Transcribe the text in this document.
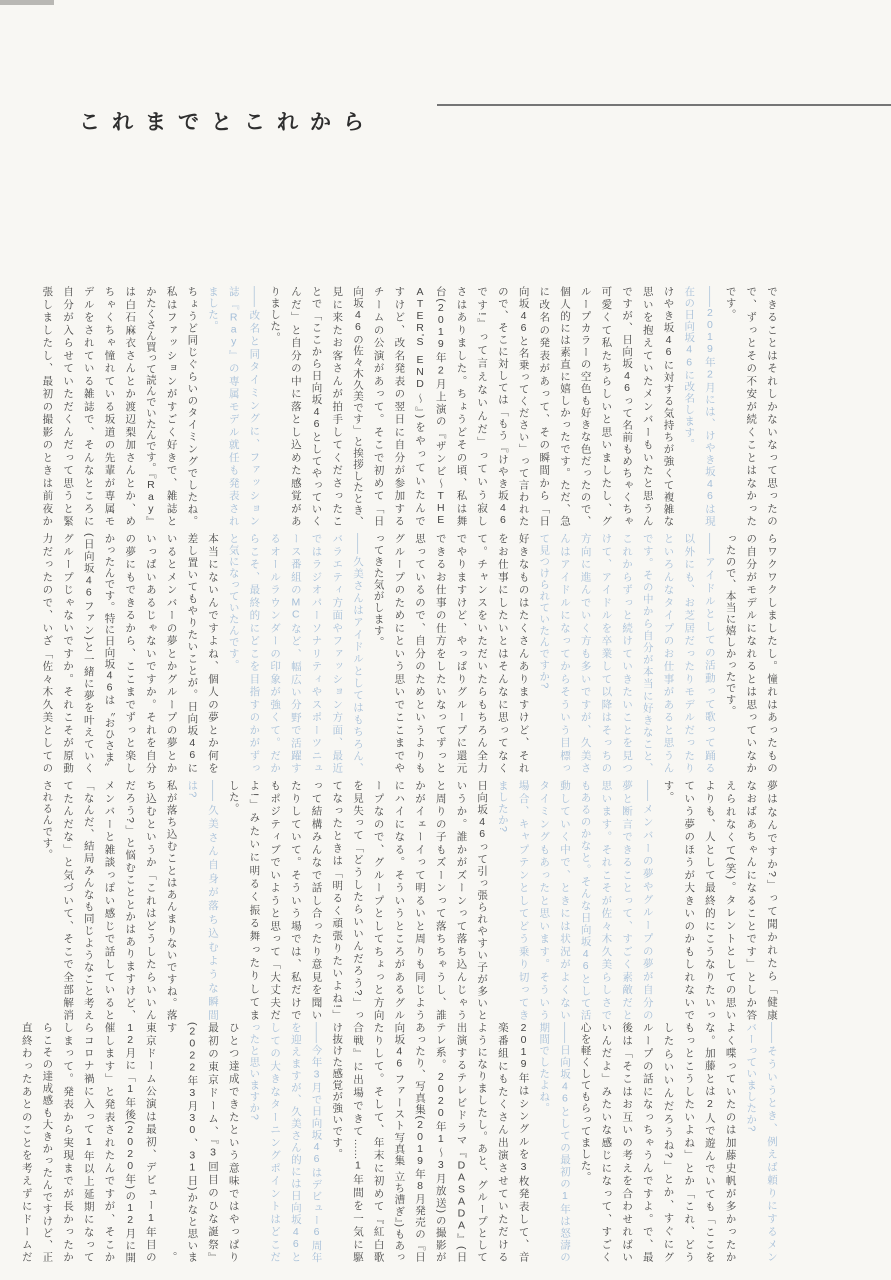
これまでとこれから
できることはそれしかないなって思ったの
で、ずっとその不安が続くことはなかった
です。
――2019年2月には、けやき坂46は現
在の日向坂46に改名します。
けやき坂46に対する気持ちが強くて複雑な
思いを抱えていたメンバーもいたと思うん
ですが、日向坂46って名前もめちゃくちゃ
可愛くて私たちらしいと思いましたし、グ
ループカラーの空色も好きな色だったので、
個人的には素直に嬉しかったです。ただ、急
に改名の発表があって、その瞬間から「日
向坂46と名乗ってください」って言われた
ので、そこに対しては「もう『けやき坂46
です!』って言えないんだ」っていう寂し
さはありました。ちょうどその頃、私は舞
台(2019年2月上演の『ザンビ〜THE
ATER'S END〜』)をやっていたんで
すけど、改名発表の翌日に自分が参加する
チームの公演があって。そこで初めて「日
向坂46の佐々木久美です」と挨拶したとき、
見に来たお客さんが拍手してくださったこ
とで「ここから日向坂46としてやっていく
んだ」と自分の中に落とし込めた感覚があ
りました。
――改名と同タイミングに、ファッション
誌『Ray』の専属モデル就任も発表され
ました。
ちょうど同じぐらいのタイミングでしたね。
私はファッションがすごく好きで、雑誌と
かたくさん買って読んでいたんです。『Ray』
は白石麻衣さんとか渡辺梨加さんとか、め
ちゃくちゃ憧れている坂道の先輩が専属モ
デルをされている雑誌で、そんなところに
自分が入らせていただくんだって思うと緊
張しましたし、最初の撮影のときは前夜か
らワクワクしましたし。憧れはあったもの
の自分がモデルになれるとは思っていなか
ったので、本当に嬉しかったです。
――アイドルとしての活動って歌って踊る
以外にも、お芝居だったりモデルだったり
といろんなタイプのお仕事があると思うん
です。その中から自分が本当に好きなこと、
これからずっと続けていきたいことを見つ
けて、アイドルを卒業して以降はそっちの
方向に進んでいく方も多いですが、久美さ
んはアイドルになってからそういう目標っ
て見つけられていたんですか?
好きなものはたくさんありますけど、それ
をお仕事にしたいとはそんなに思ってなく
て。チャンスをいただいたらもちろん全力
でやりますけど、やっぱりグループに還元
できるお仕事の仕方をしたいなってずっと
思っているので、自分のためというよりも
グループのためにという思いでここまでや
ってきた気がします。
――久美さんはアイドルとしてはもちろん、
バラエティ方面やファッション方面、最近
ではラジオパーソナリティやスポーツニュ
ース番組のMCなど、幅広い分野で活躍す
るオールラウンダーの印象が強くて。だか
らこそ、最終的にどこを目指すのかがずっ
と気になっていたんです。
本当にないんですよね、個人の夢とか何を
差し置いてもやりたいことが。日向坂46に
いるとメンバーの夢とかグループの夢とか
いっぱいあるじゃないですか。それを自分
の夢にもできるから、ここまでずっと楽し
かったんです。特に日向坂46は〝おひさま〟
(日向坂46ファン)と一緒に夢を叶えていく
グループじゃないですか。それこそが原動
力だったので、いざ「佐々木久美としての
夢はなんですか?」って聞かれたら「健康
なおばあちゃんになることです」としか答
えられなくて(笑)。タレントとしての思い
よりも、人として最終的にこうなりたいっ
ていう夢のほうが大きいのかもしれないで
す。
――メンバーの夢やグループの夢が自分の
夢と断言できることって、すごく素敵だと
思います。それこそが佐々木久美らしさで
もあるのかなと。そんな日向坂46として活
動していく中で、ときには状況がよくない
タイミングもあったと思います。そういう
場合、キャプテンとしてどう乗り切ってき
ましたか?
日向坂46って引っ張られやすい子が多いと
いうか。誰かがズーンって落ち込んじゃう
と周りの子もズーンって落ちちゃうし、誰
かがイェーイって明るいと周りも同じよう
にハイになる。そういうところがあるグル
ープなので、グループとしてちょっと方向
を見失って「どうしたらいいんだろう?」っ
てなったときは「明るく頑張りたいよね!」
って結構みんなで話し合ったり意見を聞い
たりしていて。そういう場では、私だけで
もポジティブでいようと思って「大丈夫だ
よ!」みたいに明るく振る舞ったりしてま
した。
――久美さん自身が落ち込むような瞬間
は?
私が落ち込むことはあんまりないですね。落
ち込むというか「これはどうしたらいいん
だろう?」と悩むこととかはありますけど、
メンバーと雑談っぽい感じで話していると
「なんだ、結局みんなも同じようなこと考え
てたんだな」と気づいて、そこで全部解消
されるんです。
――そういうとき、例えば頼りにするメン
バーっていましたか?
よく喋っていたのは加藤史帆が多かったか
な。加藤とは2人で遊んでいても「ここを
もっとこうしたいよね」とか「これ、どう
したらいいんだろうね?」とか、すぐにグ
ループの話になっちゃうんですよ。で、最
後は「そこはお互いの考えを合わせればい
いんだよ」みたいな感じになって、すごく
心を軽くしてもらってました。
――日向坂46としての最初の1年は怒濤の
期間でしたよね。
2019年はシングルを3枚発表して、音
楽番組にもたくさん出演させていただける
ようになりましたし。あと、グループとして
出演するテレビドラマ『DASADA』(日
テレ系。2020年1〜3月放送)の撮影が
あったり、写真集(2019年8月発売の『日
向坂46 ファースト写真集 立ち漕ぎ』)もあっ
たりして。そして、年末に初めて『紅白歌
合戦』に出場できて……1年間を一気に駆
け抜けた感覚が強いです。
――今年3月で日向坂46はデビュー6周年
を迎えますが、久美さん的には日向坂46と
しての大きなターニングポイントはどこだ
ったと思いますか?
ひとつ達成できたという意味ではやっぱり
最初の東京ドーム、『3回目のひな誕祭』
(2022年3月30、31日)かなと思います。
東京ドーム公演は最初、デビュー1年目の
12月に「1年後(2020年)の12月に開
催します」と発表されたんですが、そこか
らコロナ禍に入って1年以上延期になって
しまって。発表から実現までが長かったか
らこその達成感も大きかったんですけど、正
直終わったあとのことを考えずにドームだ
